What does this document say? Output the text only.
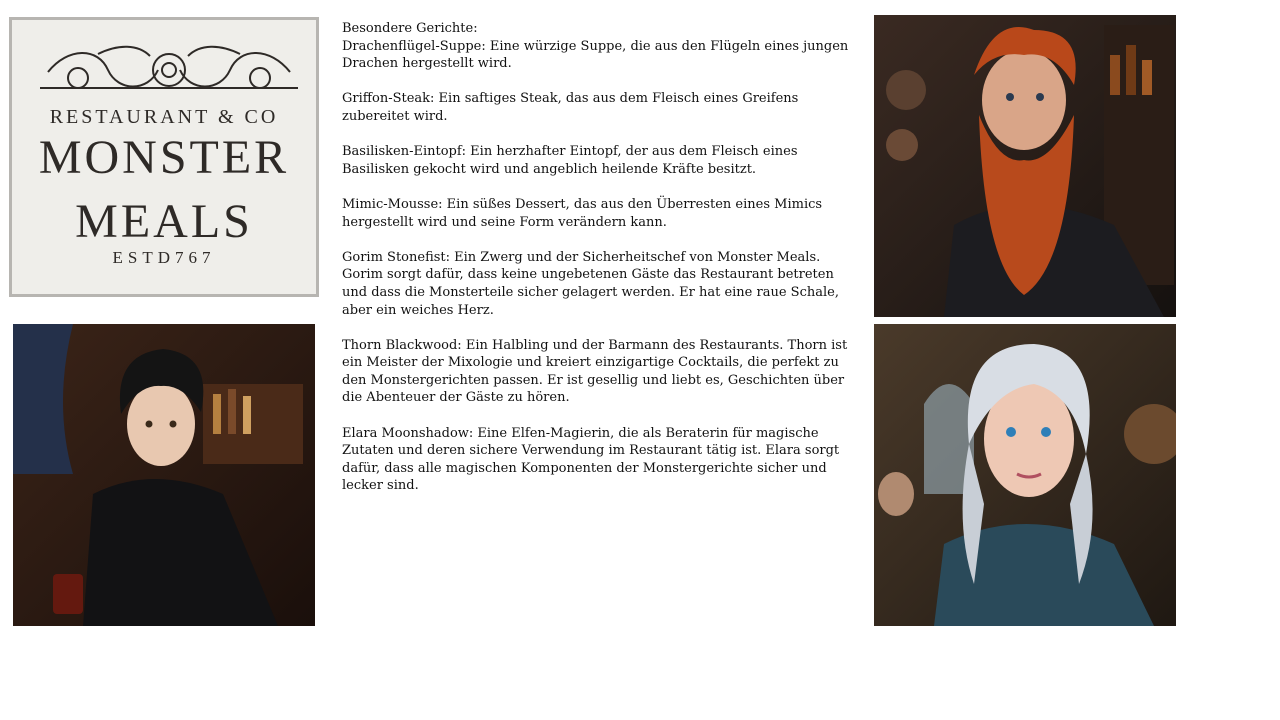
RESTAURANT & CO
MONSTER
MEALS
ESTD767

Besondere Gerichte:

Drachenflügel-Suppe: Eine würzige Suppe, die aus den Flügeln eines jungen Drachen hergestellt wird.

Griffon-Steak: Ein saftiges Steak, das aus dem Fleisch eines Greifens zubereitet wird.

Basilisken-Eintopf: Ein herzhafter Eintopf, der aus dem Fleisch eines Basilisken gekocht wird und angeblich heilende Kräfte besitzt.

Mimic-Mousse: Ein süßes Dessert, das aus den Überresten eines Mimics hergestellt wird und seine Form verändern kann.

Gorim Stonefist: Ein Zwerg und der Sicherheitschef von Monster Meals. Gorim sorgt dafür, dass keine ungebetenen Gäste das Restaurant betreten und dass die Monsterteile sicher gelagert werden. Er hat eine raue Schale, aber ein weiches Herz.

Thorn Blackwood: Ein Halbling und der Barmann des Restaurants. Thorn ist ein Meister der Mixologie und kreiert einzigartige Cocktails, die perfekt zu den Monstergerichten passen. Er ist gesellig und liebt es, Geschichten über die Abenteuer der Gäste zu hören.

Elara Moonshadow: Eine Elfen-Magierin, die als Beraterin für magische Zutaten und deren sichere Verwendung im Restaurant tätig ist. Elara sorgt dafür, dass alle magischen Komponenten der Monstergerichte sicher und lecker sind.
